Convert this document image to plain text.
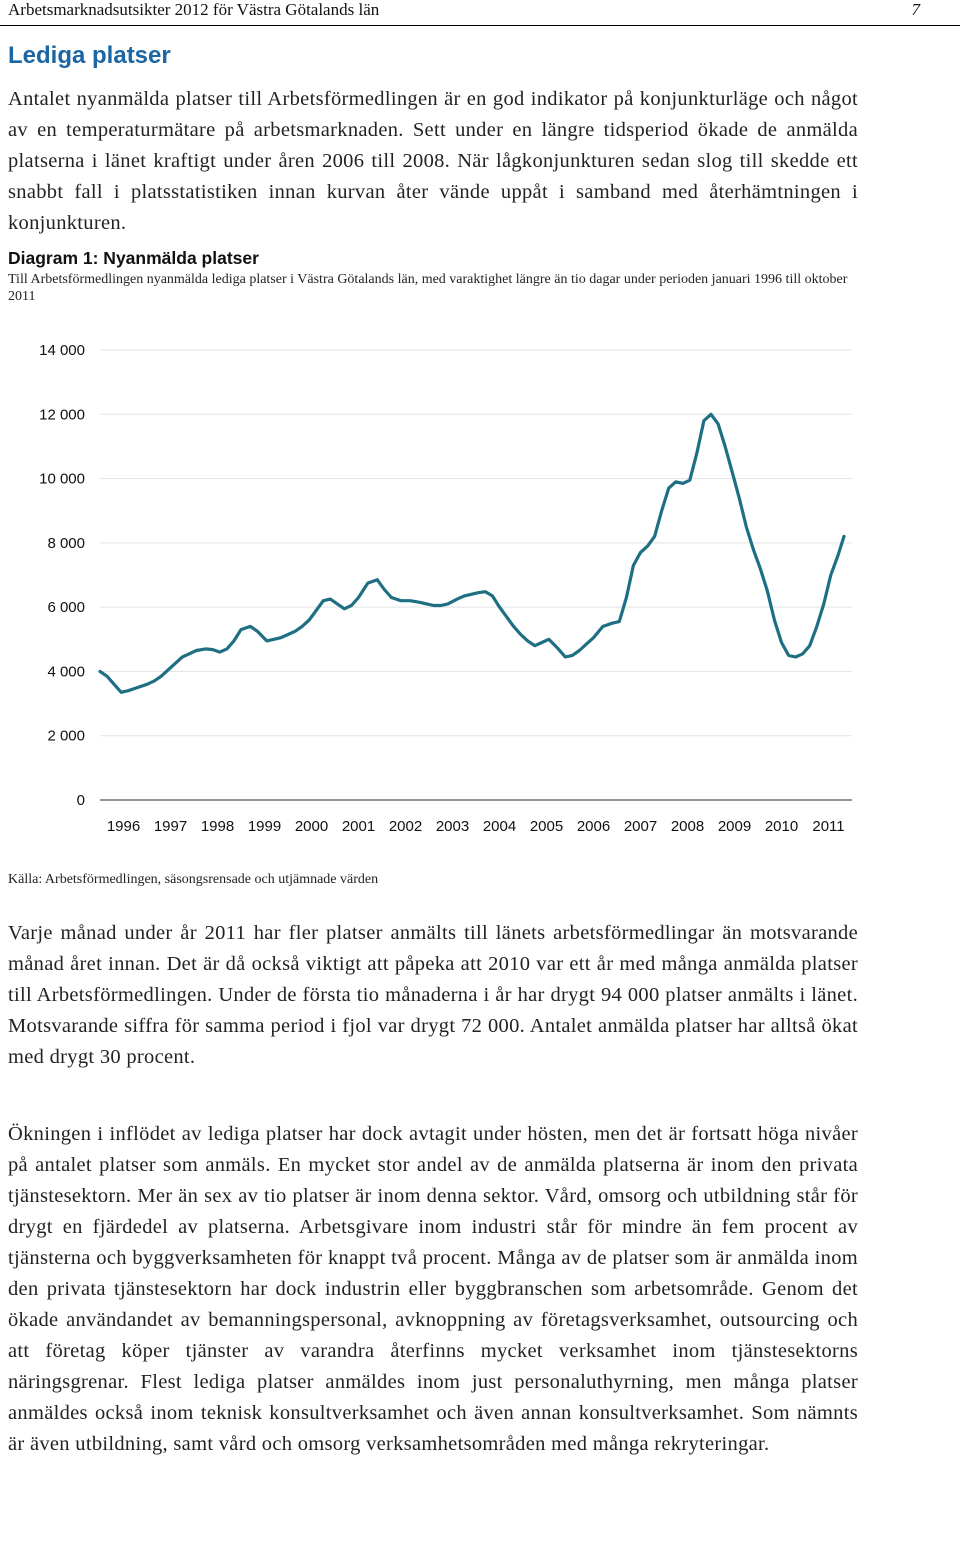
Arbetsmarknadsutsikter 2012 för Västra Götalands län	7
Lediga platser

Antalet nyanmälda platser till Arbetsförmedlingen är en god indikator på konjunkturläge och något av en temperaturmätare på arbetsmarknaden. Sett under en längre tidsperiod ökade de anmälda platserna i länet kraftigt under åren 2006 till 2008. När lågkonjunkturen sedan slog till skedde ett snabbt fall i platsstatistiken innan kurvan åter vände uppåt i samband med återhämtningen i konjunkturen.

Diagram 1: Nyanmälda platser
Till Arbetsförmedlingen nyanmälda lediga platser i Västra Götalands län, med varaktighet längre än tio dagar under perioden januari 1996 till oktober 2011
0
2 000
4 000
6 000
8 000
10 000
12 000
14 000
1996 1997 1998 1999 2000 2001 2002 2003 2004 2005 2006 2007 2008 2009 2010 2011
Källa: Arbetsförmedlingen, säsongsrensade och utjämnade värden

Varje månad under år 2011 har fler platser anmälts till länets arbetsförmedlingar än motsvarande månad året innan. Det är då också viktigt att påpeka att 2010 var ett år med många anmälda platser till Arbetsförmedlingen. Under de första tio månaderna i år har drygt 94 000 platser anmälts i länet. Motsvarande siffra för samma period i fjol var drygt 72 000. Antalet anmälda platser har alltså ökat med drygt 30 procent.

Ökningen i inflödet av lediga platser har dock avtagit under hösten, men det är fortsatt höga nivåer på antalet platser som anmäls. En mycket stor andel av de anmälda platserna är inom den privata tjänstesektorn. Mer än sex av tio platser är inom denna sektor. Vård, omsorg och utbildning står för drygt en fjärdedel av platserna. Arbetsgivare inom industri står för mindre än fem procent av tjänsterna och byggverksamheten för knappt två procent. Många av de platser som är anmälda inom den privata tjänstesektorn har dock industrin eller byggbranschen som arbetsområde. Genom det ökade användandet av bemanningspersonal, avknoppning av företagsverksamhet, outsourcing och att företag köper tjänster av varandra återfinns mycket verksamhet inom tjänstesektorns näringsgrenar. Flest lediga platser anmäldes inom just personaluthyrning, men många platser anmäldes också inom teknisk konsultverksamhet och även annan konsultverksamhet. Som nämnts är även utbildning, samt vård och omsorg verksamhetsområden med många rekryteringar.
